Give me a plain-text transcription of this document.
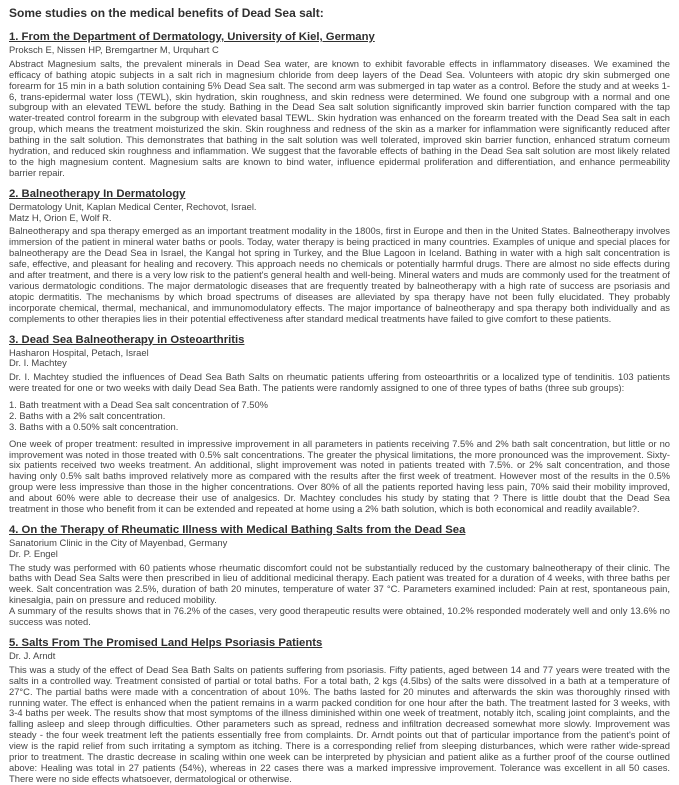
Some studies on the medical benefits of Dead Sea salt:
1. From the Department of Dermatology, University of Kiel, Germany
Proksch E, Nissen HP, Bremgartner M, Urquhart C

Abstract Magnesium salts, the prevalent minerals in Dead Sea water, are known to exhibit favorable effects in inflammatory diseases. We examined the efficacy of bathing atopic subjects in a salt rich in magnesium chloride from deep layers of the Dead Sea. Volunteers with atopic dry skin submerged one forearm for 15 min in a bath solution containing 5% Dead Sea salt. The second arm was submerged in tap water as a control. Before the study and at weeks 1-6, trans-epidermal water loss (TEWL), skin hydration, skin roughness, and skin redness were determined. We found one subgroup with a normal and one subgroup with an elevated TEWL before the study. Bathing in the Dead Sea salt solution significantly improved skin barrier function compared with the tap water-treated control forearm in the subgroup with elevated basal TEWL. Skin hydration was enhanced on the forearm treated with the Dead Sea salt in each group, which means the treatment moisturized the skin. Skin roughness and redness of the skin as a marker for inflammation were significantly reduced after bathing in the salt solution. This demonstrates that bathing in the salt solution was well tolerated, improved skin barrier function, enhanced stratum corneum hydration, and reduced skin roughness and inflammation. We suggest that the favorable effects of bathing in the Dead Sea salt solution are most likely related to the high magnesium content. Magnesium salts are known to bind water, influence epidermal proliferation and differentiation, and enhance permeability barrier repair.

2. Balneotherapy In Dermatology
Dermatology Unit, Kaplan Medical Center, Rechovot, Israel.
Matz H, Orion E, Wolf R.

Balneotherapy and spa therapy emerged as an important treatment modality in the 1800s, first in Europe and then in the United States. Balneotherapy involves immersion of the patient in mineral water baths or pools. Today, water therapy is being practiced in many countries. Examples of unique and special places for balneotherapy are the Dead Sea in Israel, the Kangal hot spring in Turkey, and the Blue Lagoon in Iceland. Bathing in water with a high salt concentration is safe, effective, and pleasant for healing and recovery. This approach needs no chemicals or potentially harmful drugs. There are almost no side effects during and after treatment, and there is a very low risk to the patient's general health and well-being. Mineral waters and muds are commonly used for the treatment of various dermatologic conditions. The major dermatologic diseases that are frequently treated by balneotherapy with a high rate of success are psoriasis and atopic dermatitis. The mechanisms by which broad spectrums of diseases are alleviated by spa therapy have not been fully elucidated. They probably incorporate chemical, thermal, mechanical, and immunomodulatory effects. The major importance of balneotherapy and spa therapy both individually and as complements to other therapies lies in their potential effectiveness after standard medical treatments have failed to give comfort to these patients.

3. Dead Sea Balneotherapy in Osteoarthritis
Hasharon Hospital, Petach, Israel
Dr. I. Machtey

Dr. I. Machtey studied the influences of Dead Sea Bath Salts on rheumatic patients uffering from osteoarthritis or a localized type of tendinitis. 103 patients were treated for one or two weeks with daily Dead Sea Bath. The patients were randomly assigned to one of three types of baths (three sub groups):

1. Bath treatment with a Dead Sea salt concentration of 7.50%
2. Baths with a 2% salt concentration.
3. Baths with a 0.50% salt concentration.

One week of proper treatment: resulted in impressive improvement in all parameters in patients receiving 7.5% and 2% bath salt concentration, but little or no improvement was noted in those treated with 0.5% salt concentrations. The greater the physical limitations, the more pronounced was the improvement. Sixty-six patients received two weeks treatment. An additional, slight improvement was noted in patients treated with 7.5%. or 2% salt concentration, and those having only 0.5% salt baths improved relatively more as compared with the results after the first week of treatment. However most of the results in the 0.5% group were less impressive than those in the higher concentrations. Over 80% of all the patients reported having less pain, 70% said their mobility improved, and about 60% were able to decrease their use of analgesics. Dr. Machtey concludes his study by stating that ? There is little doubt that the Dead Sea treatment in those who benefit from it can be extended and repeated at home using a 2% bath solution, which is both economical and readily available?.

4. On the Therapy of Rheumatic Illness with Medical Bathing Salts from the Dead Sea
Sanatorium Clinic in the City of Mayenbad, Germany
Dr. P. Engel

The study was performed with 60 patients whose rheumatic discomfort could not be substantially reduced by the customary balneotherapy of their clinic. The baths with Dead Sea Salts were then prescribed in lieu of additional medicinal therapy. Each patient was treated for a duration of 4 weeks, with three baths per week. Salt concentration was 2.5%, duration of bath 20 minutes, temperature of water 37 °C. Parameters examined included: Pain at rest, spontaneous pain, kinesalgia, pain on pressure and reduced mobility.

A summary of the results shows that in 76.2% of the cases, very good therapeutic results were obtained, 10.2% responded moderately well and only 13.6% no success was noted.

5. Salts From The Promised Land Helps Psoriasis Patients
Dr. J. Arndt

This was a study of the effect of Dead Sea Bath Salts on patients suffering from psoriasis. Fifty patients, aged between 14 and 77 years were treated with the salts in a controlled way. Treatment consisted of partial or total baths. For a total bath, 2 kgs (4.5lbs) of the salts were dissolved in a bath at a temperature of 27°C. The partial baths were made with a concentration of about 10%. The baths lasted for 20 minutes and afterwards the skin was thoroughly rinsed with running water. The effect is enhanced when the patient remains in a warm packed condition for one hour after the bath. The treatment lasted for 3 weeks, with 3-4 baths per week. The results show that most symptoms of the illness diminished within one week of treatment, notably itch, scaling joint complaints, and the falling asleep and sleep through difficulties. Other parameters such as spread, redness and infiltration decreased somewhat more slowly. Improvement was steady - the four week treatment left the patients essentially free from complaints. Dr. Arndt points out that of particular importance from the patient's point of view is the rapid relief from such irritating a symptom as itching. There is a corresponding relief from sleeping disturbances, which were rather wide-spread prior to treatment. The drastic decrease in scaling within one week can be interpreted by physician and patient alike as a further proof of the course outlined above: Healing was total in 27 patients (54%), whereas in 22 cases there was a marked impressive improvement. Tolerance was excellent in all 50 cases. There were no side effects whatsoever, dermatological or otherwise.
